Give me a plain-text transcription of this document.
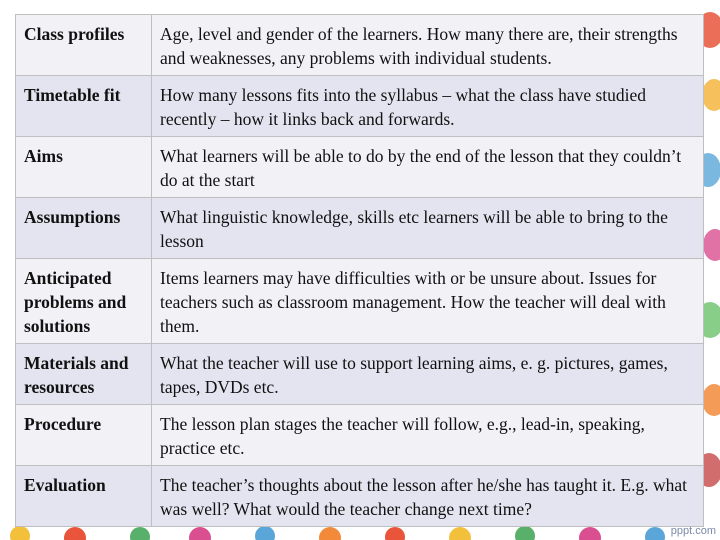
Class profiles	Age, level and gender of the learners. How many there are, their strengths and weaknesses, any problems with individual students.
Timetable fit	How many lessons fits into the syllabus – what the class have studied recently – how it links back and forwards.
Aims	What learners will be able to do by the end of the lesson that they couldn’t do at the start
Assumptions	What linguistic knowledge, skills etc learners will be able to bring to the lesson
Anticipated problems and solutions	Items learners may have difficulties with or be unsure about. Issues for teachers such as classroom management. How the teacher will deal with them.
Materials and resources	What the teacher will use to support learning aims, e. g. pictures, games, tapes, DVDs etc.
Procedure	The lesson plan stages the teacher will follow, e.g., lead-in, speaking, practice etc.
Evaluation	The teacher’s thoughts about the lesson after he/she has taught it. E.g. what was well? What would the teacher change next time?
pppt.com
